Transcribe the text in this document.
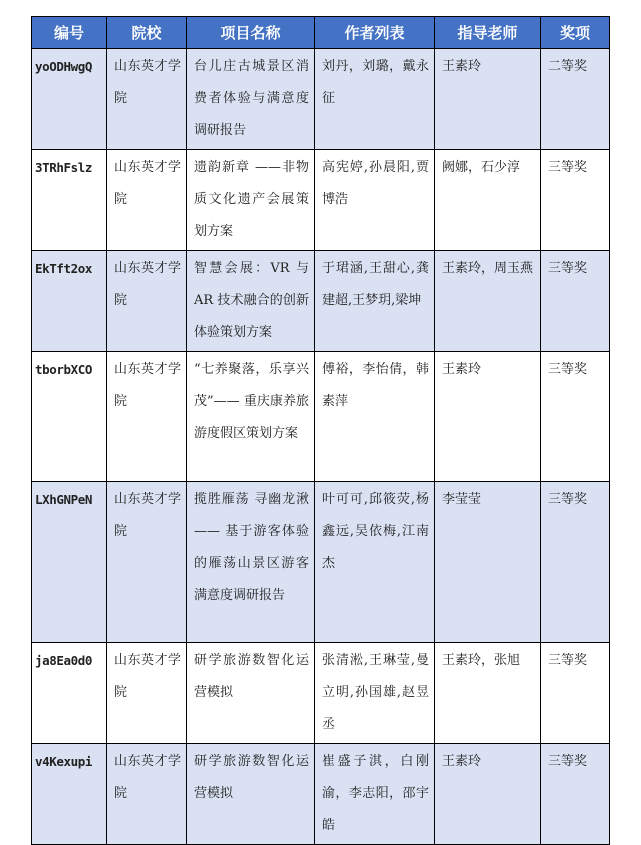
编号	院校	项目名称	作者列表	指导老师	奖项
yoODHwgQ	山东英才学院	台儿庄古城景区消费者体验与满意度调研报告	刘丹，刘璐，戴永征	王素玲	二等奖
3TRhFslz	山东英才学院	遗韵新章 ——非物质文化遗产会展策划方案	高宪婷,孙晨阳,贾博浩	阙娜，石少淳	三等奖
EkTft2ox	山东英才学院	智慧会展：VR 与 AR 技术融合的创新体验策划方案	于珺涵,王甜心,龚建超,王梦玥,梁坤	王素玲，周玉燕	三等奖
tborbXCO	山东英才学院	“七养聚落，乐享兴茂”—— 重庆康养旅游度假区策划方案	傅裕，李怡倩，韩素萍	王素玲	三等奖
LXhGNPeN	山东英才学院	揽胜雁荡 寻幽龙湫 —— 基于游客体验的雁荡山景区游客满意度调研报告	叶可可,邱筱荧,杨鑫远,吴依梅,江南杰	李莹莹	三等奖
ja8Ea0d0	山东英才学院	研学旅游数智化运营模拟	张清淞,王琳莹,曼立明,孙国雄,赵昱丞	王素玲，张旭	三等奖
v4Kexupi	山东英才学院	研学旅游数智化运营模拟	崔盛子淇，白刚渝，李志阳，邵宇皓	王素玲	三等奖
